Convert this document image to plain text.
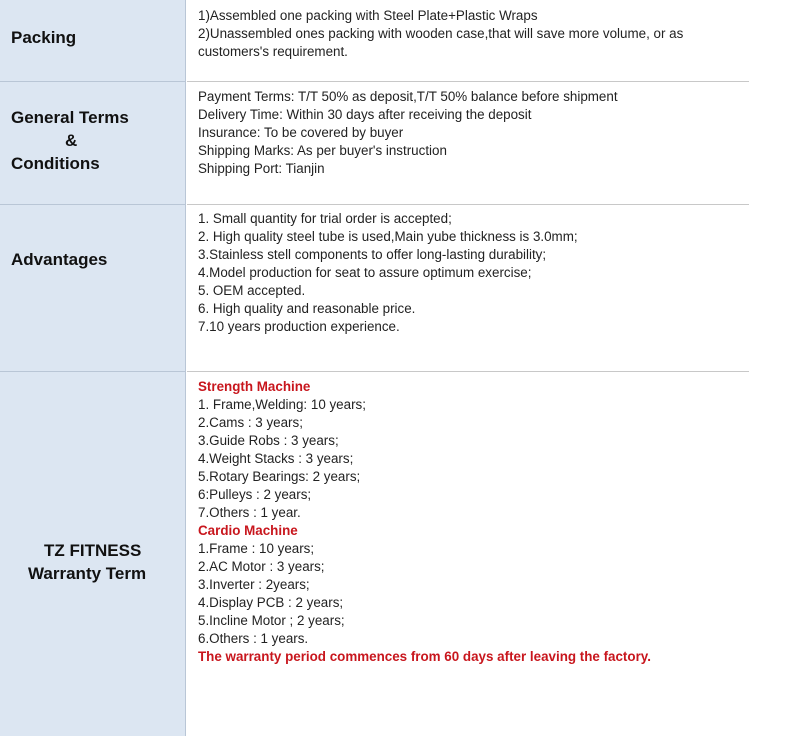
Packing
1)Assembled one packing with Steel Plate+Plastic Wraps
2)Unassembled ones packing with wooden case,that will save more volume, or as
customers's requirement.
General Terms
&
Conditions
Payment Terms: T/T 50% as deposit,T/T 50% balance before shipment
Delivery Time: Within 30 days after receiving the deposit
Insurance: To be covered by buyer
Shipping Marks: As per buyer's instruction
Shipping Port: Tianjin
Advantages
1. Small quantity for trial order is accepted;
2. High quality steel tube is used,Main yube thickness is 3.0mm;
3.Stainless stell components to offer long-lasting durability;
4.Model production for seat to assure optimum exercise;
5. OEM accepted.
6. High quality and reasonable price.
7.10 years production experience.
TZ FITNESS
Warranty Term
Strength Machine
1. Frame,Welding: 10 years;
2.Cams : 3 years;
3.Guide Robs : 3 years;
4.Weight Stacks : 3 years;
5.Rotary Bearings: 2 years;
6:Pulleys : 2 years;
7.Others : 1 year.
Cardio Machine
1.Frame : 10 years;
2.AC Motor : 3 years;
3.Inverter : 2years;
4.Display PCB : 2 years;
5.Incline Motor ; 2 years;
6.Others : 1 years.
The warranty period commences from 60 days after leaving the factory.
